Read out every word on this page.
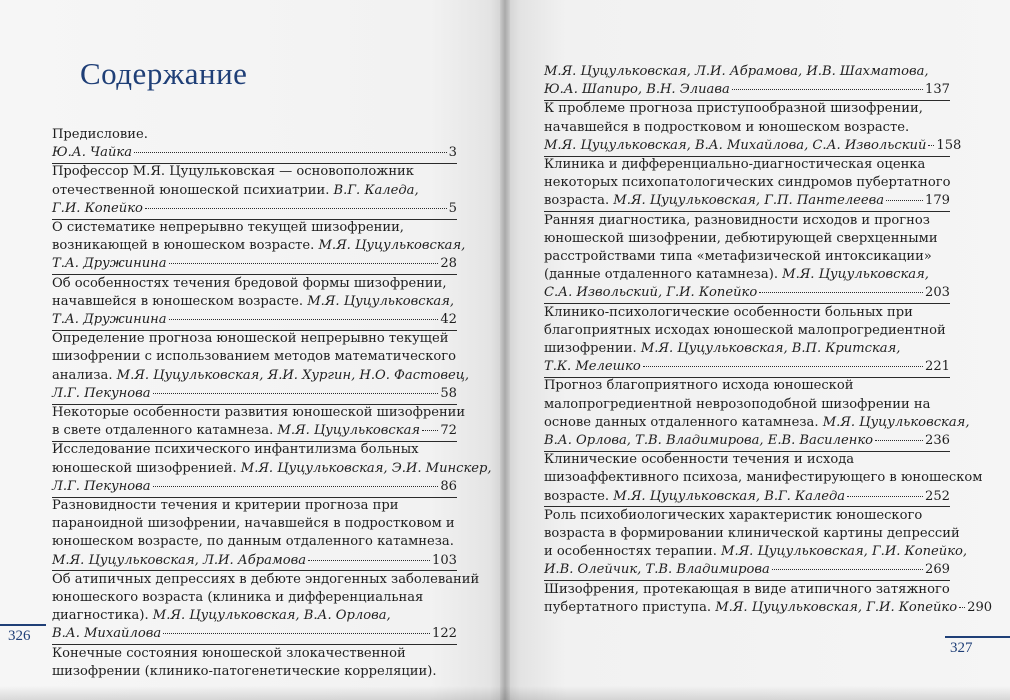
Содержание
Предисловие.
Ю.А. Чайка	3
Профессор М.Я. Цуцульковская — основоположник
отечественной юношеской психиатрии. В.Г. Каледа,
Г.И. Копейко	5
О систематике непрерывно текущей шизофрении,
возникающей в юношеском возрасте. М.Я. Цуцульковская,
Т.А. Дружинина	28
Об особенностях течения бредовой формы шизофрении,
начавшейся в юношеском возрасте. М.Я. Цуцульковская,
Т.А. Дружинина	42
Определение прогноза юношеской непрерывно текущей
шизофрении с использованием методов математического
анализа. М.Я. Цуцульковская, Я.И. Хургин, Н.О. Фастовец,
Л.Г. Пекунова	58
Некоторые особенности развития юношеской шизофрении
в свете отдаленного катамнеза. М.Я. Цуцульковская 72
Исследование психического инфантилизма больных
юношеской шизофренией. М.Я. Цуцульковская, Э.И. Минскер,
Л.Г. Пекунова	86
Разновидности течения и критерии прогноза при
параноидной шизофрении, начавшейся в подростковом и
юношеском возрасте, по данным отдаленного катамнеза.
М.Я. Цуцульковская, Л.И. Абрамова	103
Об атипичных депрессиях в дебюте эндогенных заболеваний
юношеского возраста (клиника и дифференциальная
диагностика). М.Я. Цуцульковская, В.А. Орлова,
В.А. Михайлова	122
Конечные состояния юношеской злокачественной
шизофрении (клинико-патогенетические корреляции).
326
М.Я. Цуцульковская, Л.И. Абрамова, И.В. Шахматова,
Ю.А. Шапиро, В.Н. Элиава	137
К проблеме прогноза приступообразной шизофрении,
начавшейся в подростковом и юношеском возрасте.
М.Я. Цуцульковская, В.А. Михайлова, С.А. Извольский 158
Клиника и дифференциально-диагностическая оценка
некоторых психопатологических синдромов пубертатного
возраста. М.Я. Цуцульковская, Г.П. Пантелеева	179
Ранняя диагностика, разновидности исходов и прогноз
юношеской шизофрении, дебютирующей сверхценными
расстройствами типа «метафизической интоксикации»
(данные отдаленного катамнеза). М.Я. Цуцульковская,
С.А. Извольский, Г.И. Копейко	203
Клинико-психологические особенности больных при
благоприятных исходах юношеской малопрогредиентной
шизофрении. М.Я. Цуцульковская, В.П. Критская,
Т.К. Мелешко	221
Прогноз благоприятного исхода юношеской
малопрогредиентной неврозоподобной шизофрении на
основе данных отдаленного катамнеза. М.Я. Цуцульковская,
В.А. Орлова, Т.В. Владимирова, Е.В. Василенко	236
Клинические особенности течения и исхода
шизоаффективного психоза, манифестирующего в юношеском
возрасте. М.Я. Цуцульковская, В.Г. Каледа	252
Роль психобиологических характеристик юношеского
возраста в формировании клинической картины депрессий
и особенностях терапии. М.Я. Цуцульковская, Г.И. Копейко,
И.В. Олейчик, Т.В. Владимирова	269
Шизофрения, протекающая в виде атипичного затяжного
пубертатного приступа. М.Я. Цуцульковская, Г.И. Копейко 290
327
